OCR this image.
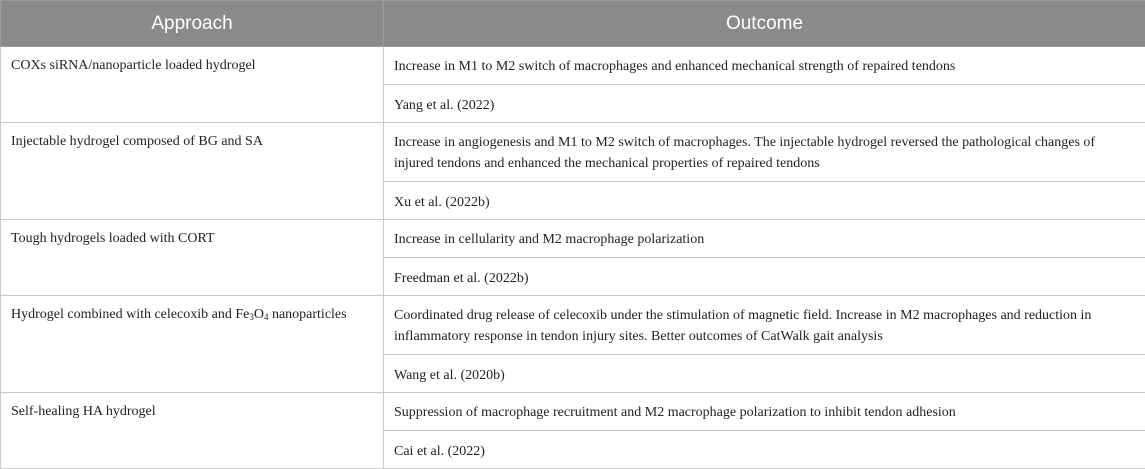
Approach	Outcome
COXs siRNA/nanoparticle loaded hydrogel	Increase in M1 to M2 switch of macrophages and enhanced mechanical strength of repaired tendons
	Yang et al. (2022)
Injectable hydrogel composed of BG and SA	Increase in angiogenesis and M1 to M2 switch of macrophages. The injectable hydrogel reversed the pathological changes of injured tendons and enhanced the mechanical properties of repaired tendons
	Xu et al. (2022b)
Tough hydrogels loaded with CORT	Increase in cellularity and M2 macrophage polarization
	Freedman et al. (2022b)
Hydrogel combined with celecoxib and $Fe_3O_4$ nanoparticles	Coordinated drug release of celecoxib under the stimulation of magnetic field. Increase in M2 macrophages and reduction in inflammatory response in tendon injury sites. Better outcomes of CatWalk gait analysis
	Wang et al. (2020b)
Self-healing HA hydrogel	Suppression of macrophage recruitment and M2 macrophage polarization to inhibit tendon adhesion
	Cai et al. (2022)
